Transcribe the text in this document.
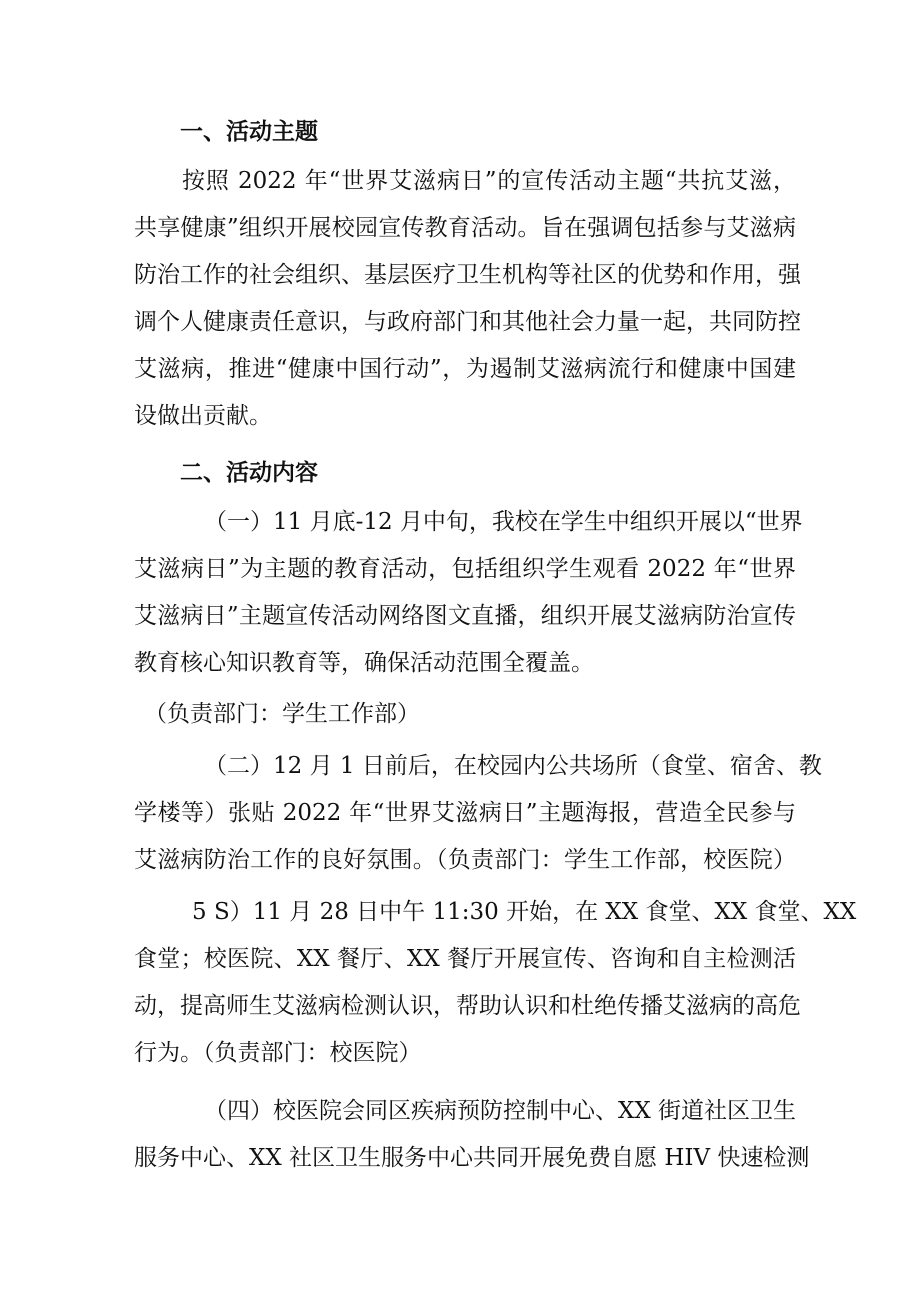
一、活动主题
按照 2022 年“世界艾滋病日”的宣传活动主题“共抗艾滋，
共享健康”组织开展校园宣传教育活动。旨在强调包括参与艾滋病
防治工作的社会组织、基层医疗卫生机构等社区的优势和作用，强
调个人健康责任意识，与政府部门和其他社会力量一起，共同防控
艾滋病，推进“健康中国行动”，为遏制艾滋病流行和健康中国建
设做出贡献。
二、活动内容
（一）11 月底-12 月中旬，我校在学生中组织开展以“世界
艾滋病日”为主题的教育活动，包括组织学生观看 2022 年“世界
艾滋病日”主题宣传活动网络图文直播，组织开展艾滋病防治宣传
教育核心知识教育等，确保活动范围全覆盖。
（负责部门：学生工作部）
（二）12 月 1 日前后，在校园内公共场所（食堂、宿舍、教
学楼等）张贴 2022 年“世界艾滋病日”主题海报，营造全民参与
艾滋病防治工作的良好氛围。（负责部门：学生工作部，校医院）
5 S）11 月 28 日中午 11:30 开始，在 XX 食堂、XX 食堂、XX
食堂；校医院、XX 餐厅、XX 餐厅开展宣传、咨询和自主检测活
动，提高师生艾滋病检测认识，帮助认识和杜绝传播艾滋病的高危
行为。（负责部门：校医院）
（四）校医院会同区疾病预防控制中心、XX 街道社区卫生
服务中心、XX 社区卫生服务中心共同开展免费自愿 HIV 快速检测
